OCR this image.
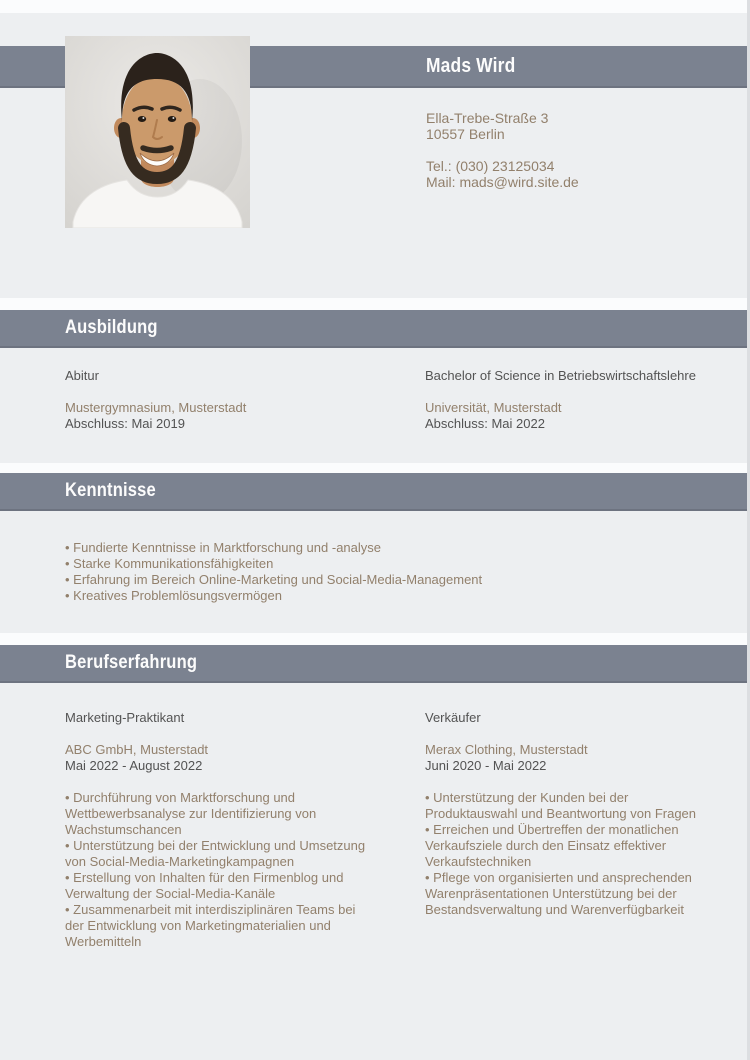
Mads Wird
Ausbildung
Kenntnisse
Berufserfahrung
Ella-Trebe-Straße 3
10557 Berlin
Tel.: (030) 23125034
Mail: mads@wird.site.de
Abitur
Mustergymnasium, Musterstadt
Abschluss: Mai 2019
Bachelor of Science in Betriebswirtschaftslehre
Universität, Musterstadt
Abschluss: Mai 2022
• Fundierte Kenntnisse in Marktforschung und -analyse
• Starke Kommunikationsfähigkeiten
• Erfahrung im Bereich Online-Marketing und Social-Media-Management
• Kreatives Problemlösungsvermögen
Marketing-Praktikant
ABC GmbH, Musterstadt
Mai 2022 - August 2022
• Durchführung von Marktforschung und Wettbewerbsanalyse zur Identifizierung von Wachstumschancen
• Unterstützung bei der Entwicklung und Umsetzung von Social-Media-Marketingkampagnen
• Erstellung von Inhalten für den Firmenblog und Verwaltung der Social-Media-Kanäle
• Zusammenarbeit mit interdisziplinären Teams bei der Entwicklung von Marketingmaterialien und Werbemitteln
Verkäufer
Merax Clothing, Musterstadt
Juni 2020 - Mai 2022
• Unterstützung der Kunden bei der Produktauswahl und Beantwortung von Fragen
• Erreichen und Übertreffen der monatlichen Verkaufsziele durch den Einsatz effektiver Verkaufstechniken
• Pflege von organisierten und ansprechenden Warenpräsentationen Unterstützung bei der Bestandsverwaltung und Warenverfügbarkeit
